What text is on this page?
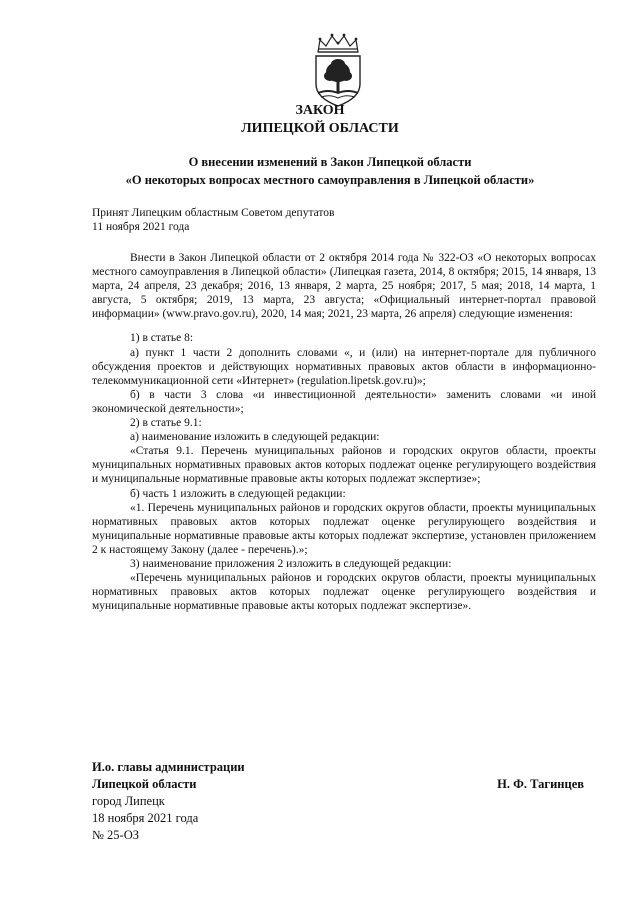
ЗАКОН
ЛИПЕЦКОЙ ОБЛАСТИ
О внесении изменений в Закон Липецкой области
«О некоторых вопросах местного самоуправления в Липецкой области»
Принят Липецким областным Советом депутатов
11 ноября 2021 года

Внести в Закон Липецкой области от 2 октября 2014 года № 322-ОЗ «О некоторых вопросах местного самоуправления в Липецкой области» (Липецкая газета, 2014, 8 октября; 2015, 14 января, 13 марта, 24 апреля, 23 декабря; 2016, 13 января, 2 марта, 25 ноября; 2017, 5 мая; 2018, 14 марта, 1 августа, 5 октября; 2019, 13 марта, 23 августа; «Официальный интернет-портал правовой информации» (www.pravo.gov.ru), 2020, 14 мая; 2021, 23 марта, 26 апреля) следующие изменения:

1) в статье 8:

а) пункт 1 части 2 дополнить словами «, и (или) на интернет-портале для публичного обсуждения проектов и действующих нормативных правовых актов области в информационно-телекоммуникационной сети «Интернет» (regulation.lipetsk.gov.ru)»;

б) в части 3 слова «и инвестиционной деятельности» заменить словами «и иной экономической деятельности»;

2) в статье 9.1:

а) наименование изложить в следующей редакции:

«Статья 9.1. Перечень муниципальных районов и городских округов области, проекты муниципальных нормативных правовых актов которых подлежат оценке регулирующего воздействия и муниципальные нормативные правовые акты которых подлежат экспертизе»;

б) часть 1 изложить в следующей редакции:

«1. Перечень муниципальных районов и городских округов области, проекты муниципальных нормативных правовых актов которых подлежат оценке регулирующего воздействия и муниципальные нормативные правовые акты которых подлежат экспертизе, установлен приложением 2 к настоящему Закону (далее - перечень).»;

3) наименование приложения 2 изложить в следующей редакции:

«Перечень муниципальных районов и городских округов области, проекты муниципальных нормативных правовых актов которых подлежат оценке регулирующего воздействия и муниципальные нормативные правовые акты которых подлежат экспертизе».

И.о. главы администрации
Липецкой области	Н. Ф. Тагинцев
город Липецк
18 ноября 2021 года
№ 25-ОЗ
